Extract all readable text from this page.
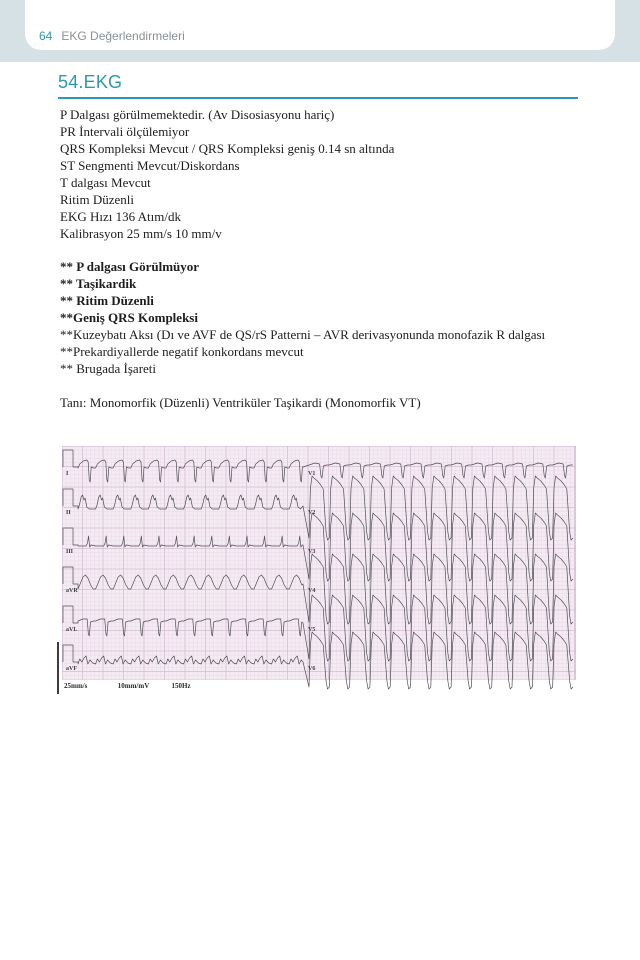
64 EKG Değerlendirmeleri
54.EKG
P Dalgası görülmemektedir. (Av Disosiasyonu hariç)
PR İntervali ölçülemiyor
QRS Kompleksi Mevcut / QRS Kompleksi geniş 0.14 sn altında
ST Sengmenti Mevcut/Diskordans
T dalgası Mevcut
Ritim Düzenli
EKG Hızı 136 Atım/dk
Kalibrasyon 25 mm/s 10 mm/v
** P dalgası Görülmüyor
** Taşikardik
** Ritim Düzenli
**Geniş QRS Kompleksi
**Kuzeybatı Aksı (Dı ve AVF de QS/rS Patterni – AVR derivasyonunda monofazik R dalgası
**Prekardiyallerde negatif konkordans mevcut
** Brugada İşareti
Tanı: Monomorfik (Düzenli) Ventriküler Taşikardi (Monomorfik VT)
I	V1
II	V2
III	V3
aVR	V4
aVL	V5
aVF	V6
25mm/s	10mm/mV	150Hz
